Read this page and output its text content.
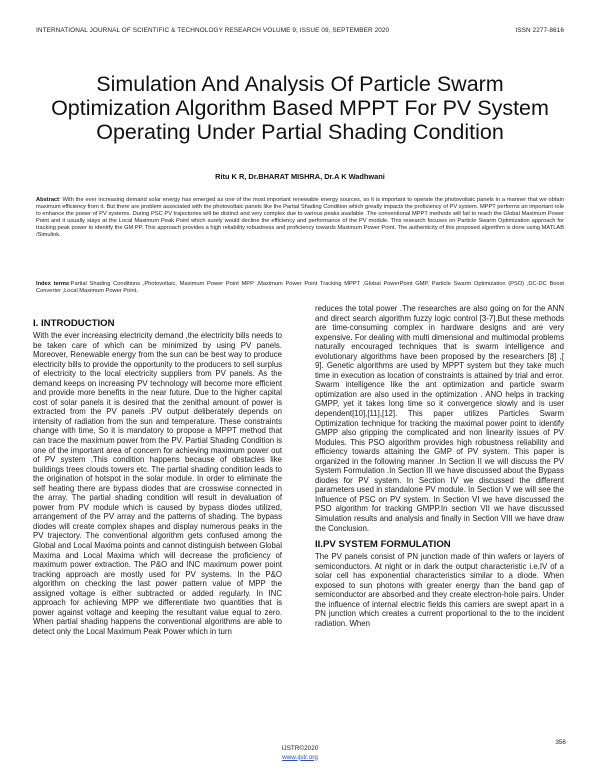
INTERNATIONAL JOURNAL OF SCIENTIFIC & TECHNOLOGY RESEARCH VOLUME 9, ISSUE 09, SEPTEMBER 2020	ISSN 2277-8616
Simulation And Analysis Of Particle Swarm Optimization Algorithm Based MPPT For PV System Operating Under Partial Shading Condition
Ritu K R, Dr.BHARAT MISHRA, Dr.A K Wadhwani
Abstract: With the ever increasing demand solar energy has emerged as one of the most important renewable energy sources, so it is important to operate the photovoltaic panels in a manner that we obtain maximum efficiency from it. But there are problem associated with the photovoltaic panels like the Partial Shading Condition which greatly impacts the proficiency of PV system. MPPT performs an important role to enhance the power of PV systems. During PSC PV trajectories will be distinct and very complex due to various peaks available .The conventional MPPT methods will fail to reach the Global Maximum Power Point and it usually stays at the Local Maximum Peak Point which surely would decline the efficiency and performance of the PV module. This research focuses on Particle Swarm Optimization approach for tracking peak power to identify the GM PP. This approach provides a high reliability robustness and proficiency towards Maximum Power Point. The authenticity of this proposed algorithm is done using MATLAB /Simulink.
Index terms:Partial Shading Conditions ,Photovoltaic, Maximum Power Point MPP ,Maximum Power Point Tracking MPPT ,Global PowerPoint GMP, Particle Swarm Optimization (PSO) ,DC-DC Boost Converter ,Local Maximum Power Point.
I. INTRODUCTION

With the ever increasing electricity demand ,the electricity bills needs to be taken care of which can be minimized by using PV panels. Moreover, Renewable energy from the sun can be best way to produce electricity bills to provide the opportunity to the producers to sell surplus of electricity to the local electricity suppliers from PV panels. As the demand keeps on increasing PV technology will become more efficient and provide more benefits in the near future. Due to the higher capital cost of solar panels it is desired that the zenithal amount of power is extracted from the PV panels .PV output deliberately depends on intensity of radiation from the sun and temperature. These constraints change with time, So it is mandatory to propose a MPPT method that can trace the maximum power from the PV. Partial Shading Condition is one of the important area of concern for achieving maximum power out of PV system .This condition happens because of obstacles like buildings trees clouds towers etc. The partial shading condition leads to the origination of hotspot in the solar module. In order to eliminate the self heating there are bypass diodes that are crosswise connected in the array. The partial shading condition will result in devaluation of power from PV module which is caused by bypass diodes utilized, arrangement of the PV array and the patterns of shading. The bypass diodes will create complex shapes and display numerous peaks in the PV trajectory. The conventional algorithm gets confused among the Global and Local Maxima points and cannot distinguish between Global Maxima and Local Maxima which will decrease the proficiency of maximum power extraction. The P&O and INC maximum power point tracking approach are mostly used for PV systems. In the P&O algorithm on checking the last power pattern value of MPP the assigned voltage is either subtracted or added regularly. In INC approach for achieving MPP we differentiate two quantities that is power against voltage and keeping the resultant value equal to zero. When partial shading happens the conventional algorithms are able to detect only the Local Maximum Peak Power which in turn

reduces the total power .The researches are also going on for the ANN and direct search algorithm fuzzy logic control [3-7].But these methods are time-consuming complex in hardware designs and are very expensive. For dealing with multi dimensional and multimodal problems naturally encouraged techniques that is swarm intelligence and evolutionary algorithms have been proposed by the researchers [8] ,[ 9]. Genetic algorithms are used by MPPT system but they take much time in execution as location of constraints is attained by trial and error. Swarm intelligence like the ant optimization and particle swarm optimization are also used in the optimization . ANO helps in tracking GMPP, yet it takes long time so it convergence slowly and is user dependent[10],[11],[12]. This paper utilizes Particles Swarm Optimization technique for tracking the maximal power point to identify GMPP also gripping the complicated and non linearity issues of PV Modules. This PSO algorithm provides high robustness reliability and efficiency towards attaining the GMP of PV system. This paper is organized in the following manner .In Section II we will discuss the PV System Formulation .In Section III we have discussed about the Bypass diodes for PV system. In Section IV we discussed the different parameters used in standalone PV module. In Section V we will see the Influence of PSC on PV system. In Section VI we have discussed the PSO algorithm for tracking GMPP.In section VII we have discussed Simulation results and analysis and finally in Section VIII we have draw the Conclusion.

II.PV SYSTEM FORMULATION

The PV panels consist of PN junction made of thin wafers or layers of semiconductors. At night or in dark the output characteristic i.e,IV of a solar cell has exponential characteristics similar to a diode. When exposed to sun photons with greater energy than the band gap of semiconductor are absorbed and they create electron-hole pairs. Under the influence of internal electric fields this carriers are swept apart in a PN junction which creates a current proportional to the to the incident radiation. When

356
IJSTR©2020
www.ijstr.org
